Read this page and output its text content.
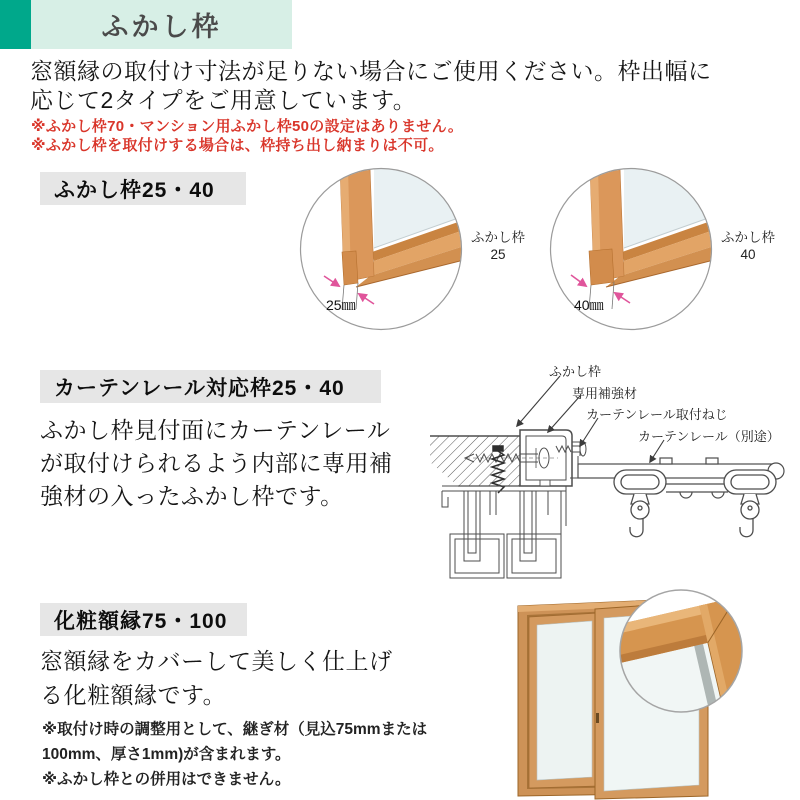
ふかし枠
窓額縁の取付け寸法が足りない場合にご使用ください。枠出幅に
応じて2タイプをご用意しています。
※ふかし枠70・マンション用ふかし枠50の設定はありません。
※ふかし枠を取付けする場合は、枠持ち出し納まりは不可。
ふかし枠25・40
25㎜
ふかし枠
25
40㎜
ふかし枠
40
カーテンレール対応枠25・40
ふかし枠見付面にカーテンレール
が取付けられるよう内部に専用補
強材の入ったふかし枠です。
ふかし枠
専用補強材
カーテンレール取付ねじ
カーテンレール（別途）
化粧額縁75・100
窓額縁をカバーして美しく仕上げ
る化粧額縁です。
※取付け時の調整用として、継ぎ材（見込75mmまたは
100mm、厚さ1mm)が含まれます。
※ふかし枠との併用はできません。
